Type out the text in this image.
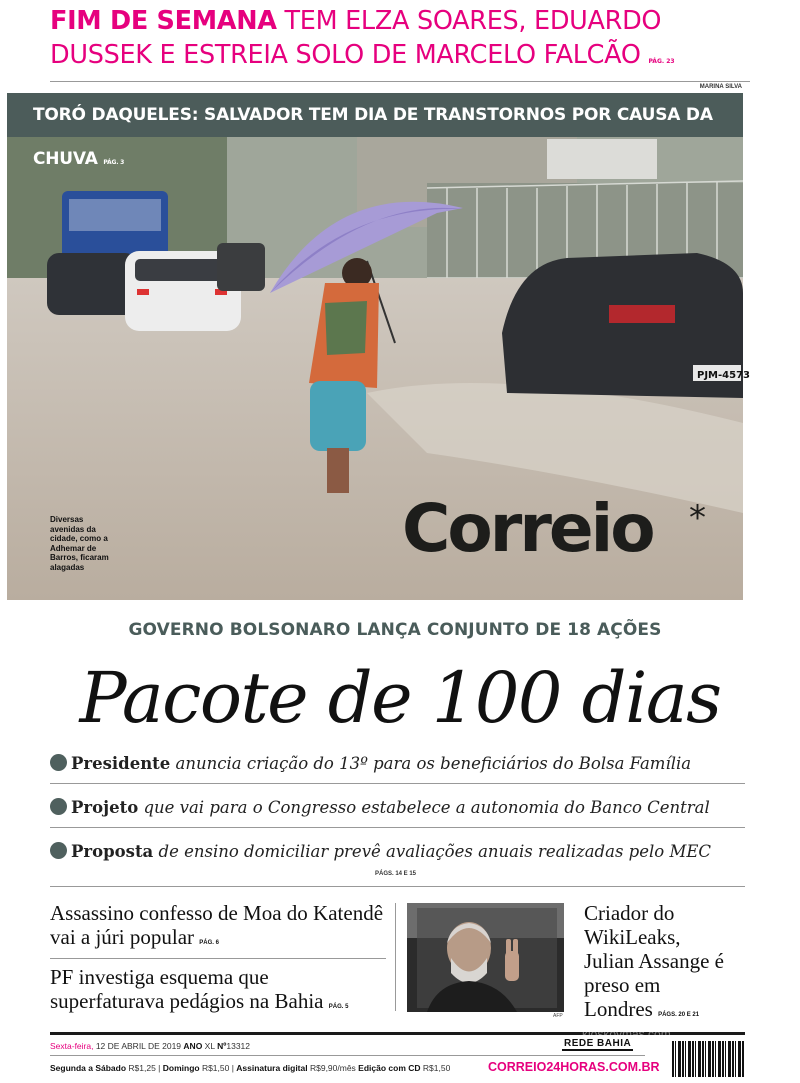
FIM DE SEMANA TEM ELZA SOARES, EDUARDO DUSSEK E ESTREIA SOLO DE MARCELO FALCÃO PÁG. 23
MARINA SILVA
PJM-4573
TORÓ DAQUELES: SALVADOR TEM DIA DE TRANSTORNOS POR CAUSA DA CHUVA PÁG. 3
Diversas avenidas da cidade, como a Adhemar de Barros, ficaram alagadas	Correio *
GOVERNO BOLSONARO LANÇA CONJUNTO DE 18 AÇÕES
Pacote de 100 dias
Presidente anuncia criação do 13º para os beneficiários do Bolsa Família
Projeto que vai para o Congresso estabelece a autonomia do Banco Central
Proposta de ensino domiciliar prevê avaliações anuais realizadas pelo MEC
PÁGS. 14 E 15
Assassino confesso de Moa do Katendê vai a júri popular PÁG. 6
PF investiga esquema que superfaturava pedágios na Bahia PÁG. 5
AFP
Criador do WikiLeaks, Julian Assange é preso em Londres PÁGS. 20 E 21
Sexta-feira, 12 DE ABRIL DE 2019 ANO XL Nº13312	REDE BAHIA
Segunda a Sábado R$1,25 | Domingo R$1,50 | Assinatura digital R$9,90/mês Edição com CD R$1,50	CORREIO24HORAS.COM.BR
kioskoymas.com
